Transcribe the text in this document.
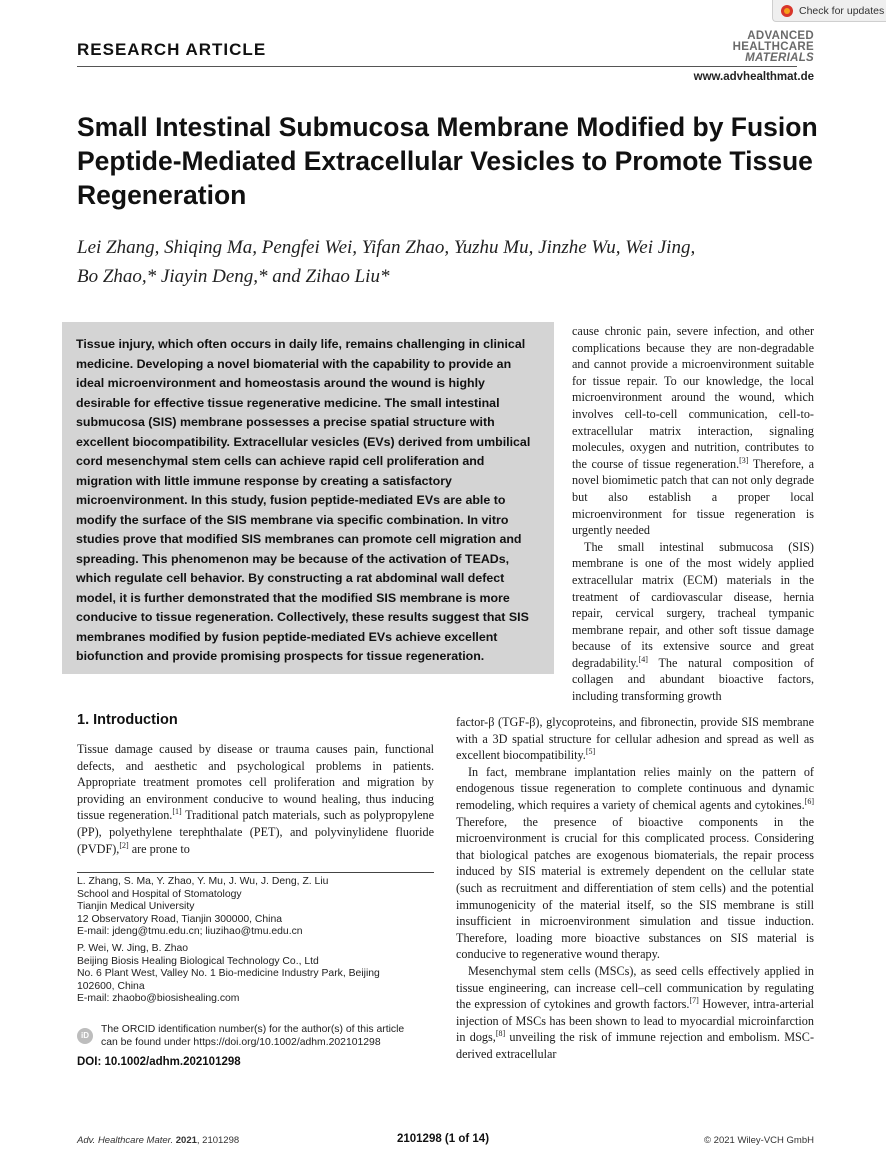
Check for updates
RESEARCH ARTICLE
ADVANCED
HEALTHCARE
MATERIALS
www.advhealthmat.de
Small Intestinal Submucosa Membrane Modified by Fusion Peptide-Mediated Extracellular Vesicles to Promote Tissue Regeneration
Lei Zhang, Shiqing Ma, Pengfei Wei, Yifan Zhao, Yuzhu Mu, Jinzhe Wu, Wei Jing,
Bo Zhao,* Jiayin Deng,* and Zihao Liu*
Tissue injury, which often occurs in daily life, remains challenging in clinical medicine. Developing a novel biomaterial with the capability to provide an ideal microenvironment and homeostasis around the wound is highly desirable for effective tissue regenerative medicine. The small intestinal submucosa (SIS) membrane possesses a precise spatial structure with excellent biocompatibility. Extracellular vesicles (EVs) derived from umbilical cord mesenchymal stem cells can achieve rapid cell proliferation and migration with little immune response by creating a satisfactory microenvironment. In this study, fusion peptide-mediated EVs are able to modify the surface of the SIS membrane via specific combination. In vitro studies prove that modified SIS membranes can promote cell migration and spreading. This phenomenon may be because of the activation of TEADs, which regulate cell behavior. By constructing a rat abdominal wall defect model, it is further demonstrated that the modified SIS membrane is more conducive to tissue regeneration. Collectively, these results suggest that SIS membranes modified by fusion peptide-mediated EVs achieve excellent biofunction and provide promising prospects for tissue regeneration.

cause chronic pain, severe infection, and other complications because they are non-degradable and cannot provide a microenvironment suitable for tissue repair. To our knowledge, the local microenvironment around the wound, which involves cell-to-cell communication, cell-to-extracellular matrix interaction, signaling molecules, oxygen and nutrition, contributes to the course of tissue regeneration.[3] Therefore, a novel biomimetic patch that can not only degrade but also establish a proper local microenvironment for tissue regeneration is urgently needed

The small intestinal submucosa (SIS) membrane is one of the most widely applied extracellular matrix (ECM) materials in the treatment of cardiovascular disease, hernia repair, cervical surgery, tracheal tympanic membrane repair, and other soft tissue damage because of its extensive source and great degradability.[4] The natural composition of collagen and abundant bioactive factors, including transforming growth

1. Introduction

Tissue damage caused by disease or trauma causes pain, functional defects, and aesthetic and psychological problems in patients. Appropriate treatment promotes cell proliferation and migration by providing an environment conducive to wound healing, thus inducing tissue regeneration.[1] Traditional patch materials, such as polypropylene (PP), polyethylene terephthalate (PET), and polyvinylidene fluoride (PVDF),[2] are prone to

factor-β (TGF-β), glycoproteins, and fibronectin, provide SIS membrane with a 3D spatial structure for cellular adhesion and spread as well as excellent biocompatibility.[5]

In fact, membrane implantation relies mainly on the pattern of endogenous tissue regeneration to complete continuous and dynamic remodeling, which requires a variety of chemical agents and cytokines.[6] Therefore, the presence of bioactive components in the microenvironment is crucial for this complicated process. Considering that biological patches are exogenous biomaterials, the repair process induced by SIS material is extremely dependent on the cellular state (such as recruitment and differentiation of stem cells) and the potential immunogenicity of the material itself, so the SIS membrane is still insufficient in microenvironment simulation and tissue induction. Therefore, loading more bioactive substances on SIS material is conducive to regenerative wound therapy.

Mesenchymal stem cells (MSCs), as seed cells effectively applied in tissue engineering, can increase cell–cell communication by regulating the expression of cytokines and growth factors.[7] However, intra-arterial injection of MSCs has been shown to lead to myocardial microinfarction in dogs,[8] unveiling the risk of immune rejection and embolism. MSC-derived extracellular

L. Zhang, S. Ma, Y. Zhao, Y. Mu, J. Wu, J. Deng, Z. Liu
School and Hospital of Stomatology
Tianjin Medical University
12 Observatory Road, Tianjin 300000, China
E-mail: jdeng@tmu.edu.cn; liuzihao@tmu.edu.cn
P. Wei, W. Jing, B. Zhao
Beijing Biosis Healing Biological Technology Co., Ltd
No. 6 Plant West, Valley No. 1 Bio-medicine Industry Park, Beijing
102600, China
E-mail: zhaobo@biosishealing.com
iD
The ORCID identification number(s) for the author(s) of this article
can be found under https://doi.org/10.1002/adhm.202101298
DOI: 10.1002/adhm.202101298
Adv. Healthcare Mater. 2021, 2101298	2101298 (1 of 14)	© 2021 Wiley-VCH GmbH
